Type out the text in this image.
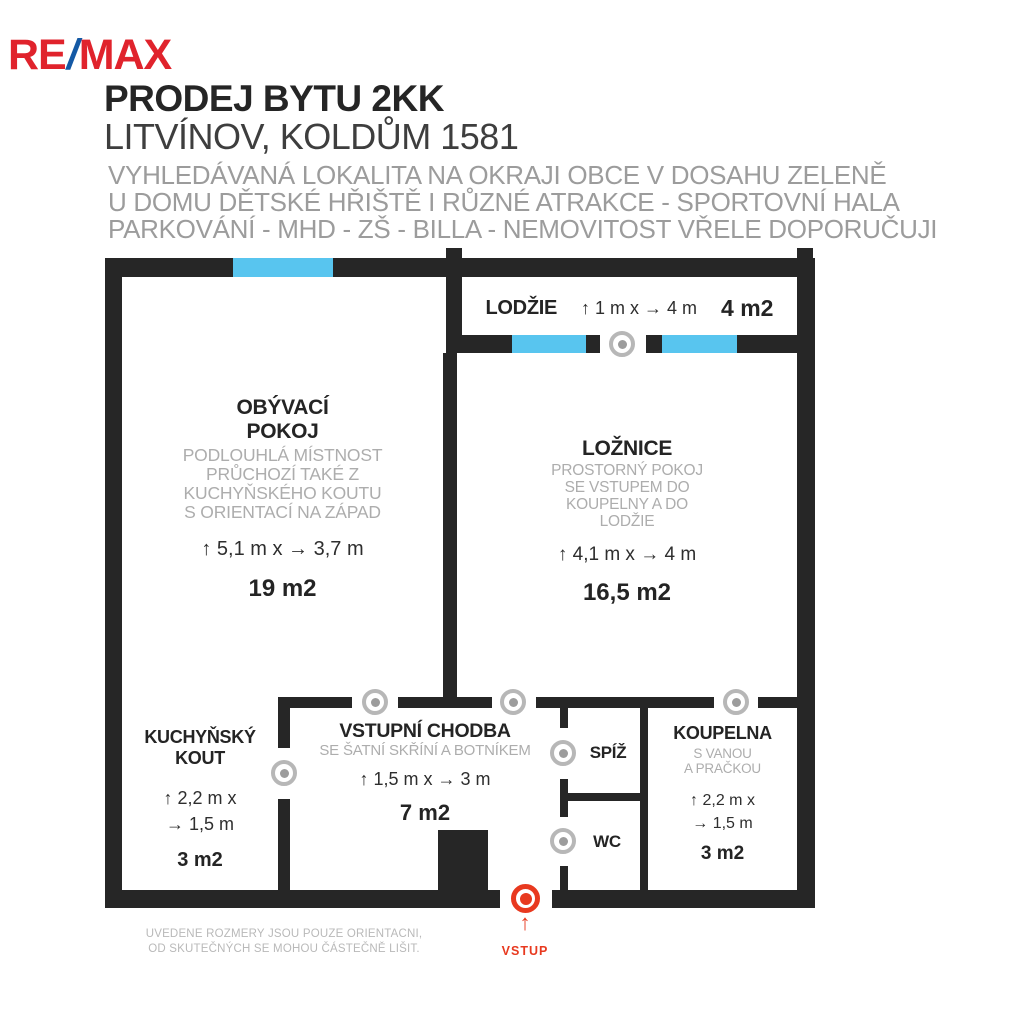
RE/MAX
PRODEJ BYTU 2KK
LITVÍNOV, KOLDŮM 1581
VYHLEDÁVANÁ LOKALITA NA OKRAJI OBCE V DOSAHU ZELENĚ
U DOMU DĚTSKÉ HŘIŠTĚ I RŮZNÉ ATRAKCE - SPORTOVNÍ HALA
PARKOVÁNÍ - MHD - ZŠ - BILLA - NEMOVITOST VŘELE DOPORUČUJI
LODŽIE ↑ 1 m x → 4 m 4 m2
OBÝVACÍ
POKOJ
PODLOUHLÁ MÍSTNOST
PRŮCHOZÍ TAKÉ Z
KUCHYŇSKÉHO KOUTU
S ORIENTACÍ NA ZÁPAD
↑ 5,1 m x → 3,7 m
19 m2
LOŽNICE
PROSTORNÝ POKOJ
SE VSTUPEM DO
KOUPELNY A DO
LODŽIE
↑ 4,1 m x → 4 m
16,5 m2
KUCHYŇSKÝ
KOUT
↑ 2,2 m x
→ 1,5 m
3 m2
VSTUPNÍ CHODBA
SE ŠATNÍ SKŘÍNÍ A BOTNÍKEM
↑ 1,5 m x → 3 m
7 m2
SPÍŽ
WC
KOUPELNA
S VANOU
A PRAČKOU
↑ 2,2 m x
→ 1,5 m
3 m2
↑
VSTUP
UVEDENE ROZMERY JSOU POUZE ORIENTACNI,
OD SKUTEČNÝCH SE MOHOU ČÁSTEČNĚ LIŠIT.
